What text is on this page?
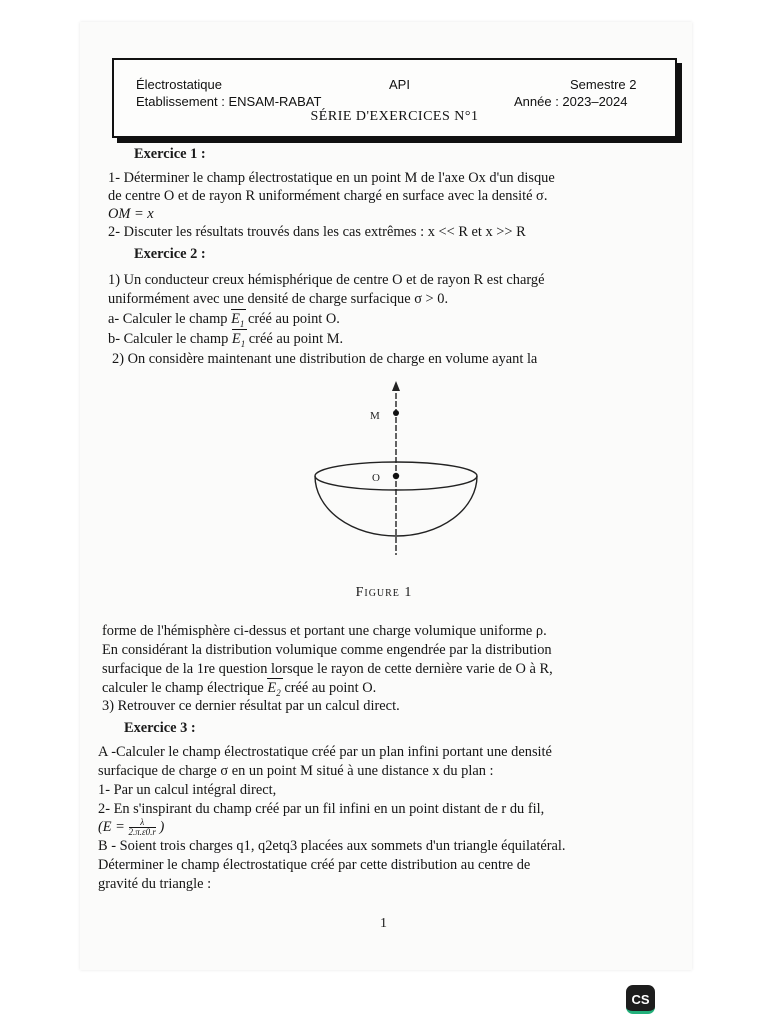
Électrostatique	API	Semestre 2
Etablissement : ENSAM-RABAT	Année : 2023–2024
SÉRIE D'EXERCICES N°1
Exercice 1 :
1- Déterminer le champ électrostatique en un point M de l'axe Ox d'un disque
de centre O et de rayon R uniformément chargé en surface avec la densité σ.
OM = x
2- Discuter les résultats trouvés dans les cas extrêmes : x << R et x >> R
Exercice 2 :
1) Un conducteur creux hémisphérique de centre O et de rayon R est chargé
uniformément avec une densité de charge surfacique σ > 0.
a- Calculer le champ $E_1$ créé au point O.
b- Calculer le champ $E_1$ créé au point M.
2) On considère maintenant une distribution de charge en volume ayant la
M
O
Figure 1
forme de l'hémisphère ci-dessus et portant une charge volumique uniforme ρ.
En considérant la distribution volumique comme engendrée par la distribution
surfacique de la 1re question lorsque le rayon de cette dernière varie de O à R,
calculer le champ électrique $E_2$ créé au point O.
3) Retrouver ce dernier résultat par un calcul direct.
Exercice 3 :
A -Calculer le champ électrostatique créé par un plan infini portant une densité
surfacique de charge σ en un point M situé à une distance x du plan :
1- Par un calcul intégral direct,
2- En s'inspirant du champ créé par un fil infini en un point distant de r du fil,
($E = \frac{\lambda}{2.\pi.\varepsilon 0.r}$ )
B - Soient trois charges q1, q2etq3 placées aux sommets d'un triangle équilatéral.
Déterminer le champ électrostatique créé par cette distribution au centre de
gravité du triangle :
1
CS
